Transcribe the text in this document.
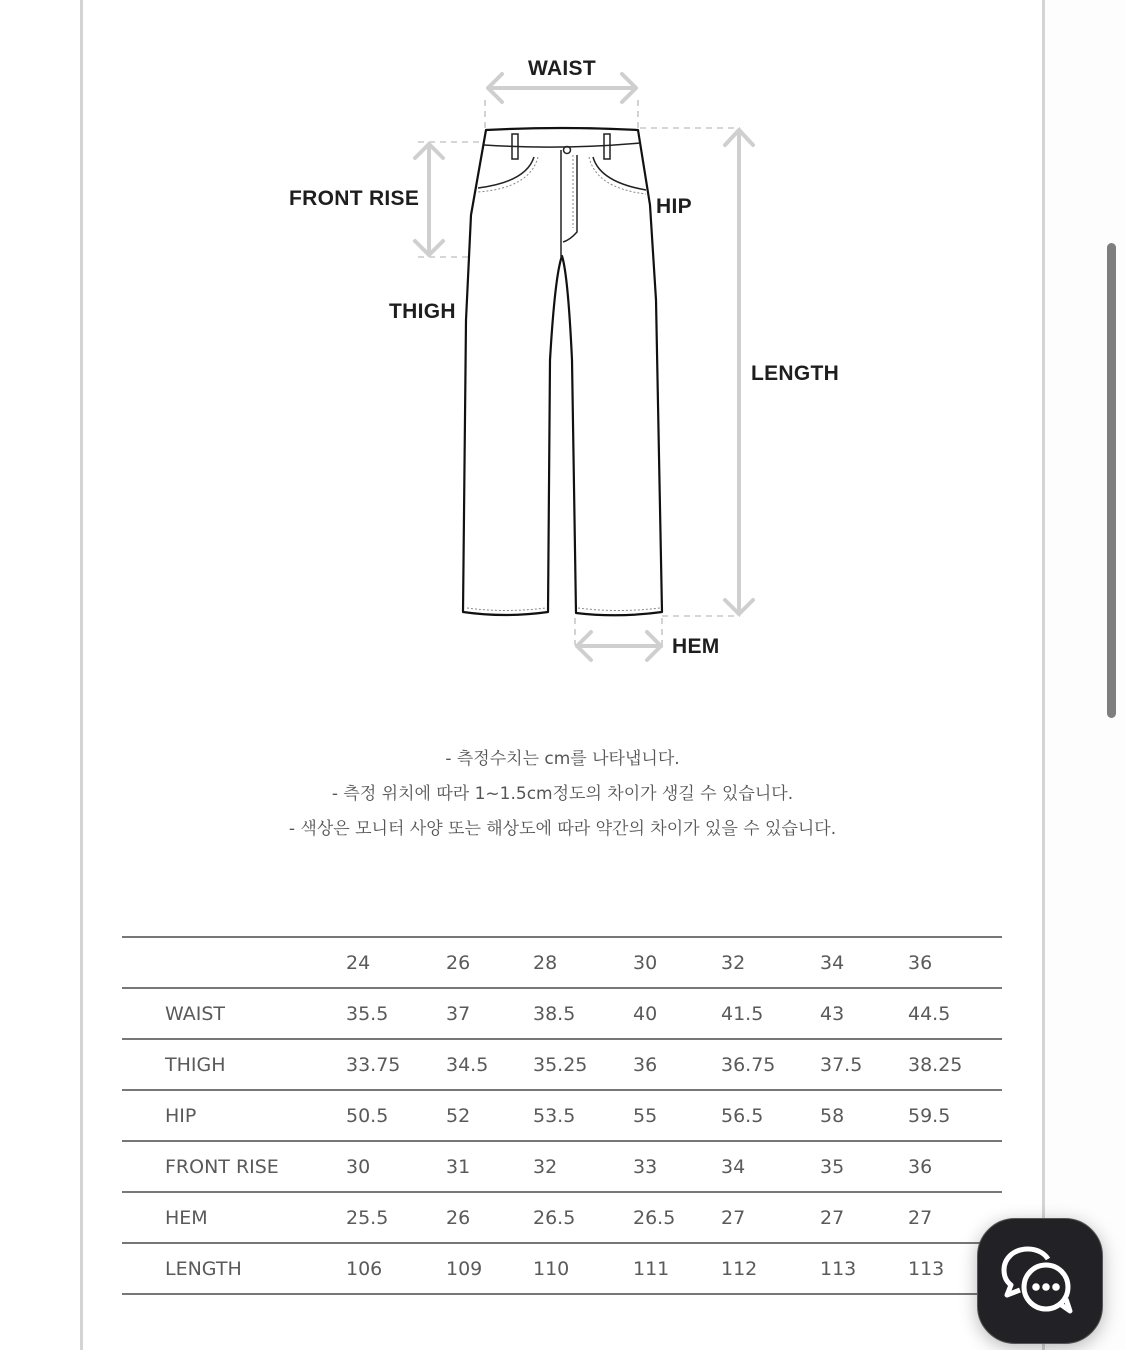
WAIST
FRONT RISE	HIP
THIGH
LENGTH
HEM
- 측정수치는 cm를 나타냅니다.
- 측정 위치에 따라 1~1.5cm정도의 차이가 생길 수 있습니다.
- 색상은 모니터 사양 또는 해상도에 따라 약간의 차이가 있을 수 있습니다.
	24	26	28	30	32	34	36
WAIST	35.5	37	38.5	40	41.5	43	44.5
THIGH	33.75	34.5	35.25	36	36.75	37.5	38.25
HIP	50.5	52	53.5	55	56.5	58	59.5
FRONT RISE	30	31	32	33	34	35	36
HEM	25.5	26	26.5	26.5	27	27	27
LENGTH	106	109	110	111	112	113	113
